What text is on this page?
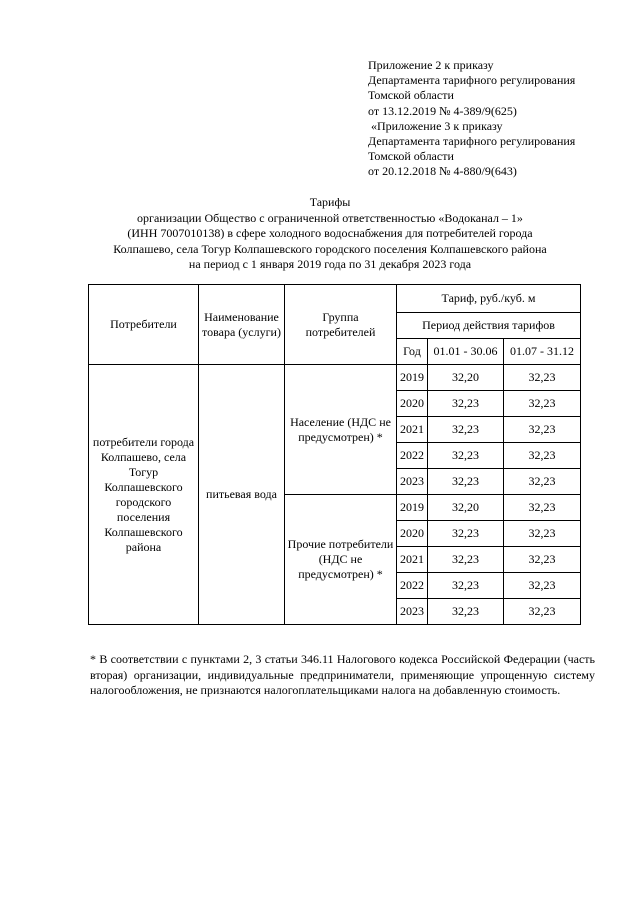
Приложение 2 к приказу
Департамента тарифного регулирования
Томской области
от 13.12.2019 № 4-389/9(625)
«Приложение 3 к приказу
Департамента тарифного регулирования
Томской области
от 20.12.2018 № 4-880/9(643)
Тарифы
организации Общество с ограниченной ответственностью «Водоканал – 1»
(ИНН 7007010138) в сфере холодного водоснабжения для потребителей города
Колпашево, села Тогур Колпашевского городского поселения Колпашевского района
на период с 1 января 2019 года по 31 декабря 2023 года
Потребители	Наименование товара (услуги)	Группа потребителей	Тариф, руб./куб. м		
			Период действия тарифов		
			Год	01.01 - 30.06	01.07 - 31.12
потребители города Колпашево, села Тогур Колпашевского городского поселения Колпашевского района	питьевая вода	Население (НДС не предусмотрен) *	2019	32,20	32,23
			2020	32,23	32,23
			2021	32,23	32,23
			2022	32,23	32,23
			2023	32,23	32,23
		Прочие потребители (НДС не предусмотрен) *	2019	32,20	32,23
			2020	32,23	32,23
			2021	32,23	32,23
			2022	32,23	32,23
			2023	32,23	32,23
* В соответствии с пунктами 2, 3 статьи 346.11 Налогового кодекса Российской Федерации (часть вторая) организации, индивидуальные предприниматели, применяющие упрощенную систему налогообложения, не признаются налогоплательщиками налога на добавленную стоимость.
